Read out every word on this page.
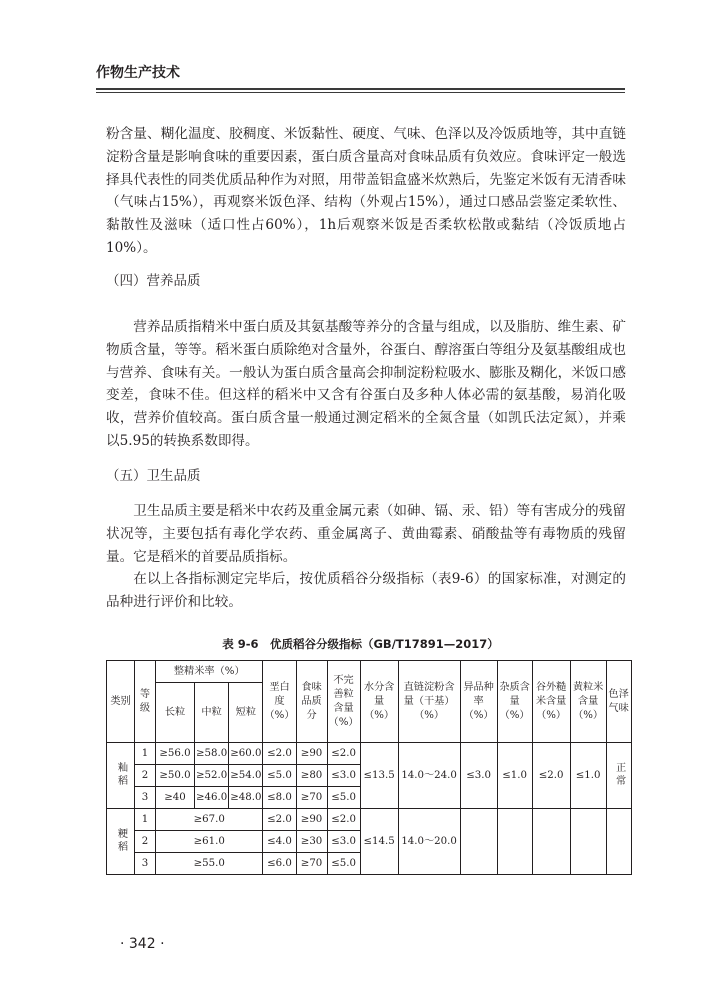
作物生产技术

粉含量、糊化温度、胶稠度、米饭黏性、硬度、气味、色泽以及冷饭质地等，其中直链淀粉含量是影响食味的重要因素，蛋白质含量高对食味品质有负效应。食味评定一般选择具代表性的同类优质品种作为对照，用带盖铝盒盛米炊熟后，先鉴定米饭有无清香味（气味占15%），再观察米饭色泽、结构（外观占15%），通过口感品尝鉴定柔软性、黏散性及滋味（适口性占60%），1h后观察米饭是否柔软松散或黏结（冷饭质地占10%）。

（四）营养品质

营养品质指精米中蛋白质及其氨基酸等养分的含量与组成，以及脂肪、维生素、矿物质含量，等等。稻米蛋白质除绝对含量外，谷蛋白、醇溶蛋白等组分及氨基酸组成也与营养、食味有关。一般认为蛋白质含量高会抑制淀粉粒吸水、膨胀及糊化，米饭口感变差，食味不佳。但这样的稻米中又含有谷蛋白及多种人体必需的氨基酸，易消化吸收，营养价值较高。蛋白质含量一般通过测定稻米的全氮含量（如凯氏法定氮），并乘以5.95的转换系数即得。

（五）卫生品质

卫生品质主要是稻米中农药及重金属元素（如砷、镉、汞、铅）等有害成分的残留状况等，主要包括有毒化学农药、重金属离子、黄曲霉素、硝酸盐等有毒物质的残留量。它是稻米的首要品质指标。

在以上各指标测定完毕后，按优质稻谷分级指标（表9-6）的国家标准，对测定的品种进行评价和比较。

表 9-6　优质稻谷分级指标（GB/T17891—2017）
类别	等级	整精米率（%）			垩白度（%）	食味品质分	不完善粒含量（%）	水分含量（%）	直链淀粉含量（干基）（%）	异品种率（%）	杂质含量（%）	谷外糙米含量（%）	黄粒米含量（%）	色泽气味
		长粒	中粒	短粒										
籼稻	1	≥56.0	≥58.0	≥60.0	≤2.0	≥90	≤2.0	≤13.5	14.0～24.0	≤3.0	≤1.0	≤2.0	≤1.0	正常
	2	≥50.0	≥52.0	≥54.0	≤5.0	≥80	≤3.0							
	3	≥40	≥46.0	≥48.0	≤8.0	≥70	≤5.0							
粳稻	1	≥67.0			≤2.0	≥90	≤2.0	≤14.5	14.0～20.0					
	2	≥61.0			≤4.0	≥30	≤3.0							
	3	≥55.0			≤6.0	≥70	≤5.0							
· 342 ·
